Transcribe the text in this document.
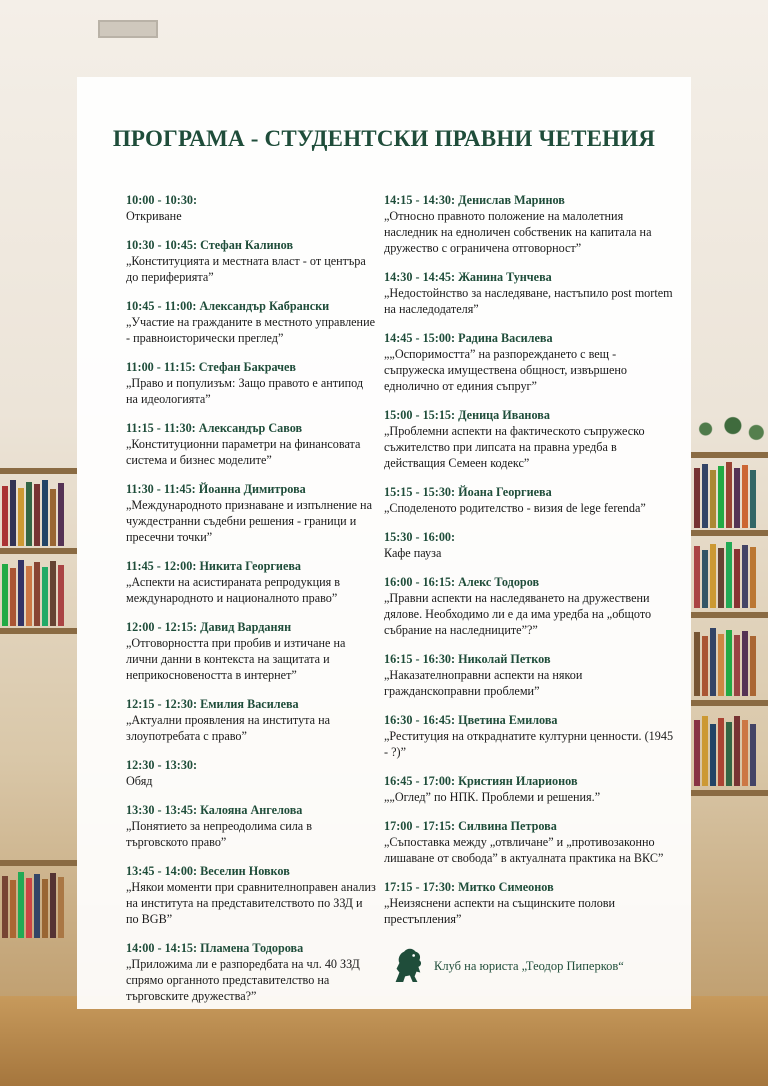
ПРОГРАМА - СТУДЕНТСКИ ПРАВНИ ЧЕТЕНИЯ
10:00 - 10:30:
Откриване
10:30 - 10:45: Стефан Калинов
„Конституцията и местната власт - от центъра до периферията”
10:45 - 11:00: Александър Кабрански
„Участие на гражданите в местното управление - правноисторически преглед”
11:00 - 11:15: Стефан Бакрачев
„Право и популизъм: Защо правото е антипод на идеологията”
11:15 - 11:30: Александър Савов
„Конституционни параметри на финансовата система и бизнес моделите”
11:30 - 11:45: Йоанна Димитрова
„Международното признаване и изпълнение на чуждестранни съдебни решения - граници и пресечни точки”
11:45 - 12:00: Никита Георгиева
„Аспекти на асистираната репродукция в международното и националното право”
12:00 - 12:15: Давид Варданян
„Отговорността при пробив и изтичане на лични данни в контекста на защитата и неприкосновеността в интернет”
12:15 - 12:30: Емилия Василева
„Актуални проявления на института на злоупотребата с право”
12:30 - 13:30:
Обяд
13:30 - 13:45: Калояна Ангелова
„Понятието за непреодолима сила в търговското право”
13:45 - 14:00: Веселин Новков
„Някои моменти при сравнителноправен анализ на института на представителството по ЗЗД и по BGB”
14:00 - 14:15: Пламена Тодорова
„Приложима ли е разпоредбата на чл. 40 ЗЗД спрямо органното представителство на търговските дружества?”
14:15 - 14:30: Денислав Маринов
„Относно правното положение на малолетния наследник на едноличен собственик на капитала на дружество с ограничена отговорност”
14:30 - 14:45: Жанина Тунчева
„Недостойнство за наследяване, настъпило post mortem на наследодателя”
14:45 - 15:00: Радина Василева
„„Оспоримостта” на разпореждането с вещ - съпружеска имуществена общност, извършено еднолично от единия съпруг”
15:00 - 15:15: Деница Иванова
„Проблемни аспекти на фактическото съпружеско съжителство при липсата на правна уредба в действащия Семеен кодекс”
15:15 - 15:30: Йоана Георгиева
„Споделеното родителство - визия de lege ferenda”
15:30 - 16:00:
Кафе пауза
16:00 - 16:15: Алекс Тодоров
„Правни аспекти на наследяването на дружествени дялове. Необходимо ли е да има уредба на „общото събрание на наследниците”?”
16:15 - 16:30: Николай Петков
„Наказателноправни аспекти на някои гражданскоправни проблеми”
16:30 - 16:45: Цветина Емилова
„Реституция на откраднатите културни ценности. (1945 - ?)”
16:45 - 17:00: Кристиян Иларионов
„„Оглед” по НПК. Проблеми и решения.”
17:00 - 17:15: Силвина Петрова
„Съпоставка между „отвличане” и „противозаконно лишаване от свобода” в актуалната практика на ВКС”
17:15 - 17:30: Митко Симеонов
„Неизяснени аспекти на същинските полови престъпления”
Клуб на юриста „Теодор Пиперков“
